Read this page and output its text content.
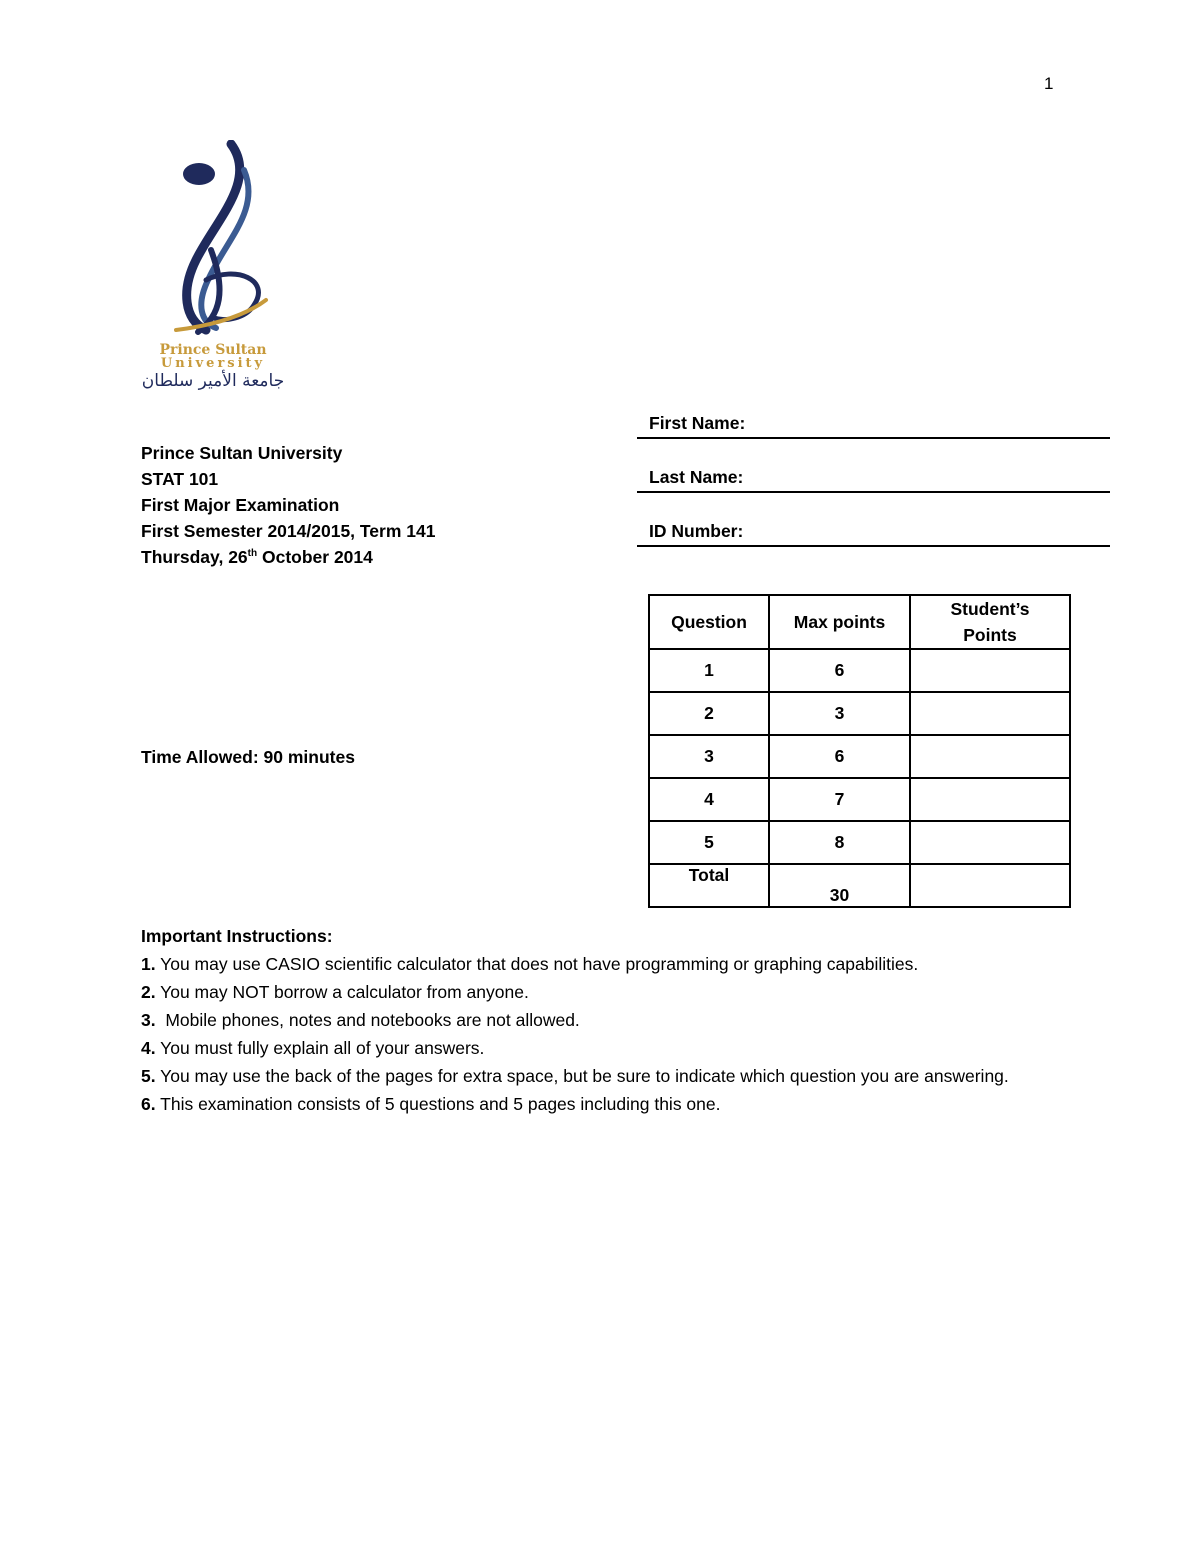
1
Prince Sultan
University
جامعة الأمير سلطان
Prince Sultan University
STAT 101
First Major Examination
First Semester 2014/2015, Term 141
Thursday, 26th October 2014
First Name:
Last Name:
ID Number:
Time Allowed: 90 minutes
Question	Max points	Student’s
Points
1	6	
2	3	
3	6	
4	7	
5	8	
Total	30	
Important Instructions:
1. You may use CASIO scientific calculator that does not have programming or graphing capabilities.
2. You may NOT borrow a calculator from anyone.
3.  Mobile phones, notes and notebooks are not allowed.
4. You must fully explain all of your answers.
5. You may use the back of the pages for extra space, but be sure to indicate which question you are answering.
6. This examination consists of 5 questions and 5 pages including this one.
